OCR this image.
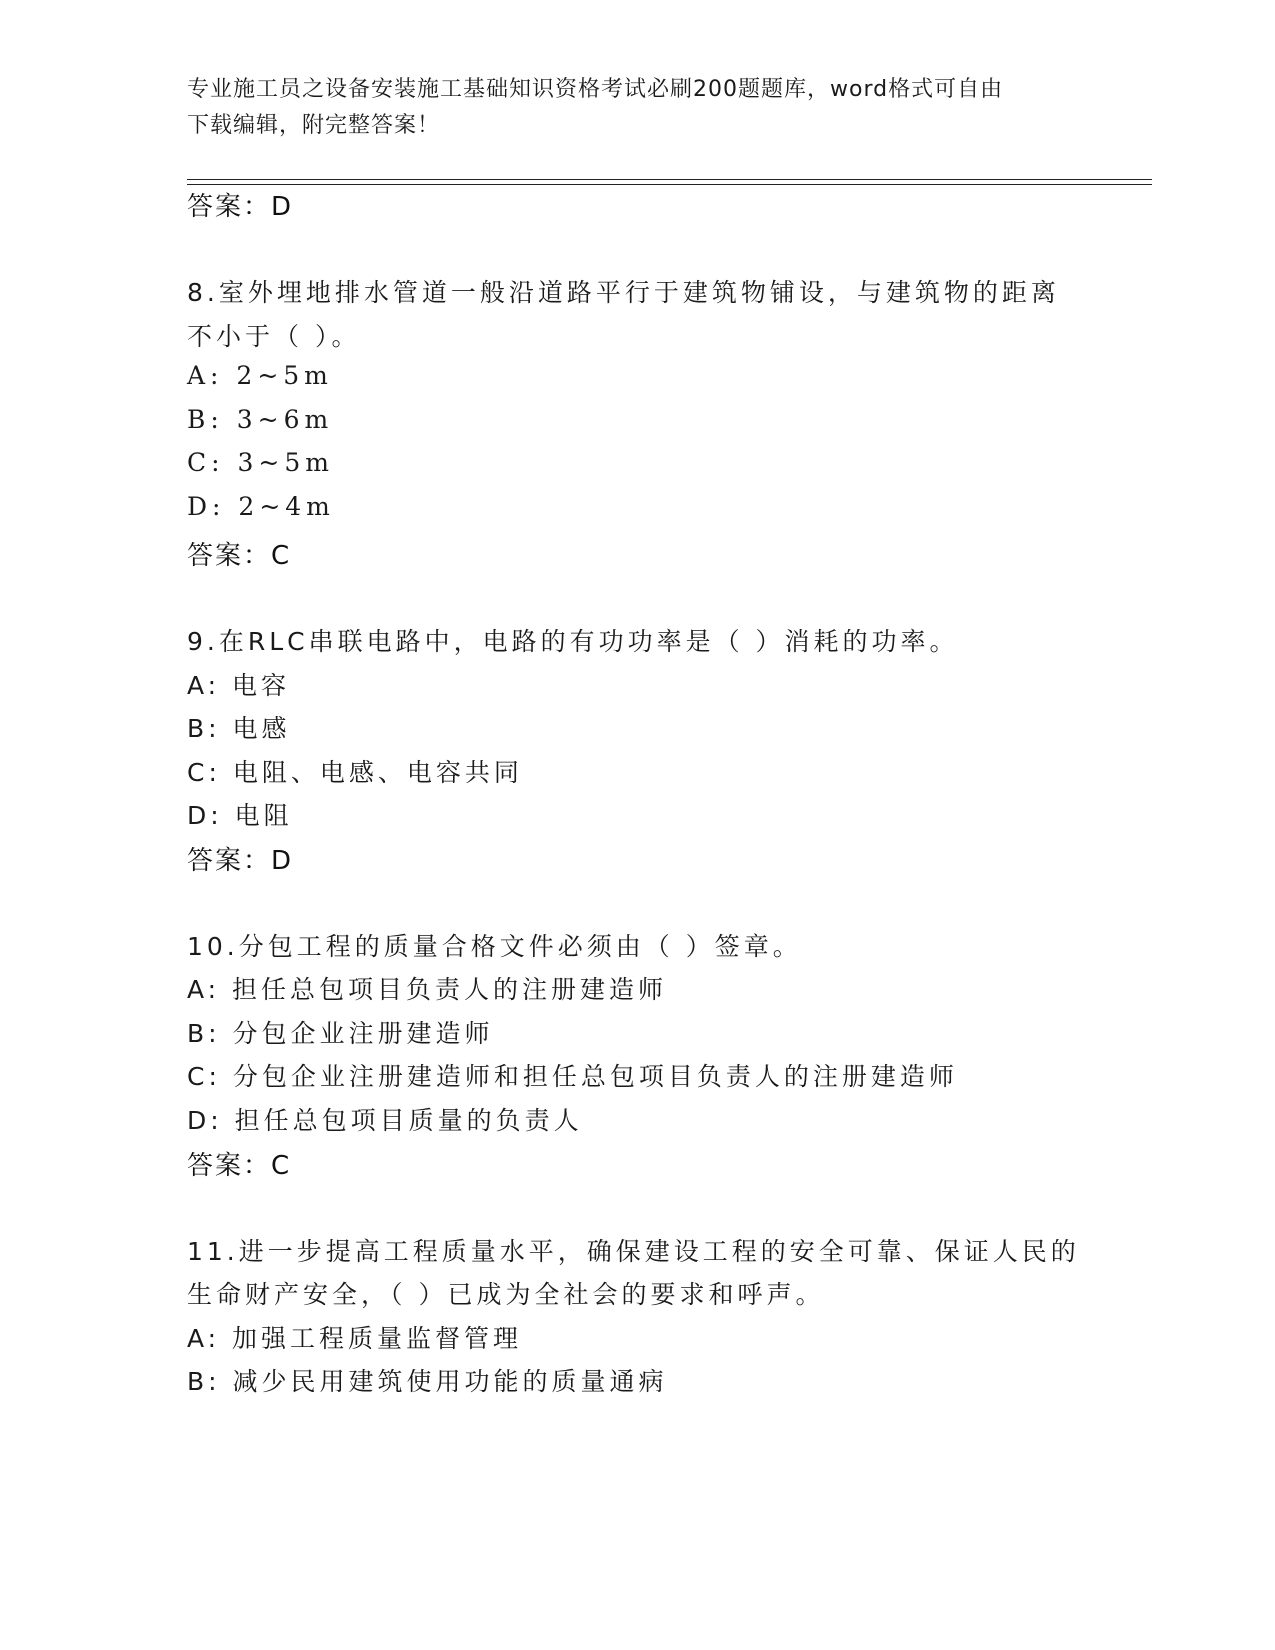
专业施工员之设备安装施工基础知识资格考试必刷200题题库，word格式可自由
下载编辑，附完整答案！
答案：D
8.室外埋地排水管道一般沿道路平行于建筑物铺设，与建筑物的距离
不小于（ ）。
A: 2~5m
B: 3~6m
C: 3~5m
D: 2~4m
答案：C
9.在RLC串联电路中，电路的有功功率是（ ）消耗的功率。
A: 电容
B: 电感
C: 电阻、电感、电容共同
D: 电阻
答案：D
10.分包工程的质量合格文件必须由（ ）签章。
A: 担任总包项目负责人的注册建造师
B: 分包企业注册建造师
C: 分包企业注册建造师和担任总包项目负责人的注册建造师
D: 担任总包项目质量的负责人
答案：C
11.进一步提高工程质量水平，确保建设工程的安全可靠、保证人民的
生命财产安全，（ ）已成为全社会的要求和呼声。
A: 加强工程质量监督管理
B: 减少民用建筑使用功能的质量通病
